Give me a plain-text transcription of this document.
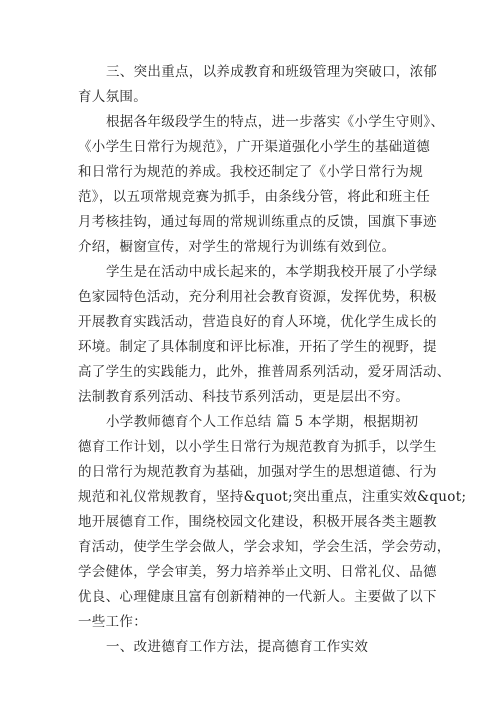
三、突出重点，以养成教育和班级管理为突破口，浓郁
育人氛围。
根据各年级段学生的特点，进一步落实《小学生守则》、
《小学生日常行为规范》，广开渠道强化小学生的基础道德
和日常行为规范的养成。我校还制定了《小学日常行为规
范》，以五项常规竞赛为抓手，由条线分管，将此和班主任
月考核挂钩，通过每周的常规训练重点的反馈，国旗下事迹
介绍，橱窗宣传，对学生的常规行为训练有效到位。
学生是在活动中成长起来的，本学期我校开展了小学绿
色家园特色活动，充分利用社会教育资源，发挥优势，积极
开展教育实践活动，营造良好的育人环境，优化学生成长的
环境。制定了具体制度和评比标准，开拓了学生的视野，提
高了学生的实践能力，此外，推普周系列活动，爱牙周活动、
法制教育系列活动、科技节系列活动，更是层出不穷。
小学教师德育个人工作总结 篇 5 本学期，根据期初
德育工作计划，以小学生日常行为规范教育为抓手，以学生
的日常行为规范教育为基础，加强对学生的思想道德、行为
规范和礼仪常规教育，坚持&quot;突出重点，注重实效&quot;
地开展德育工作，围绕校园文化建设，积极开展各类主题教
育活动，使学生学会做人，学会求知，学会生活，学会劳动，
学会健体，学会审美，努力培养举止文明、日常礼仪、品德
优良、心理健康且富有创新精神的一代新人。主要做了以下
一些工作：
一、改进德育工作方法，提高德育工作实效
